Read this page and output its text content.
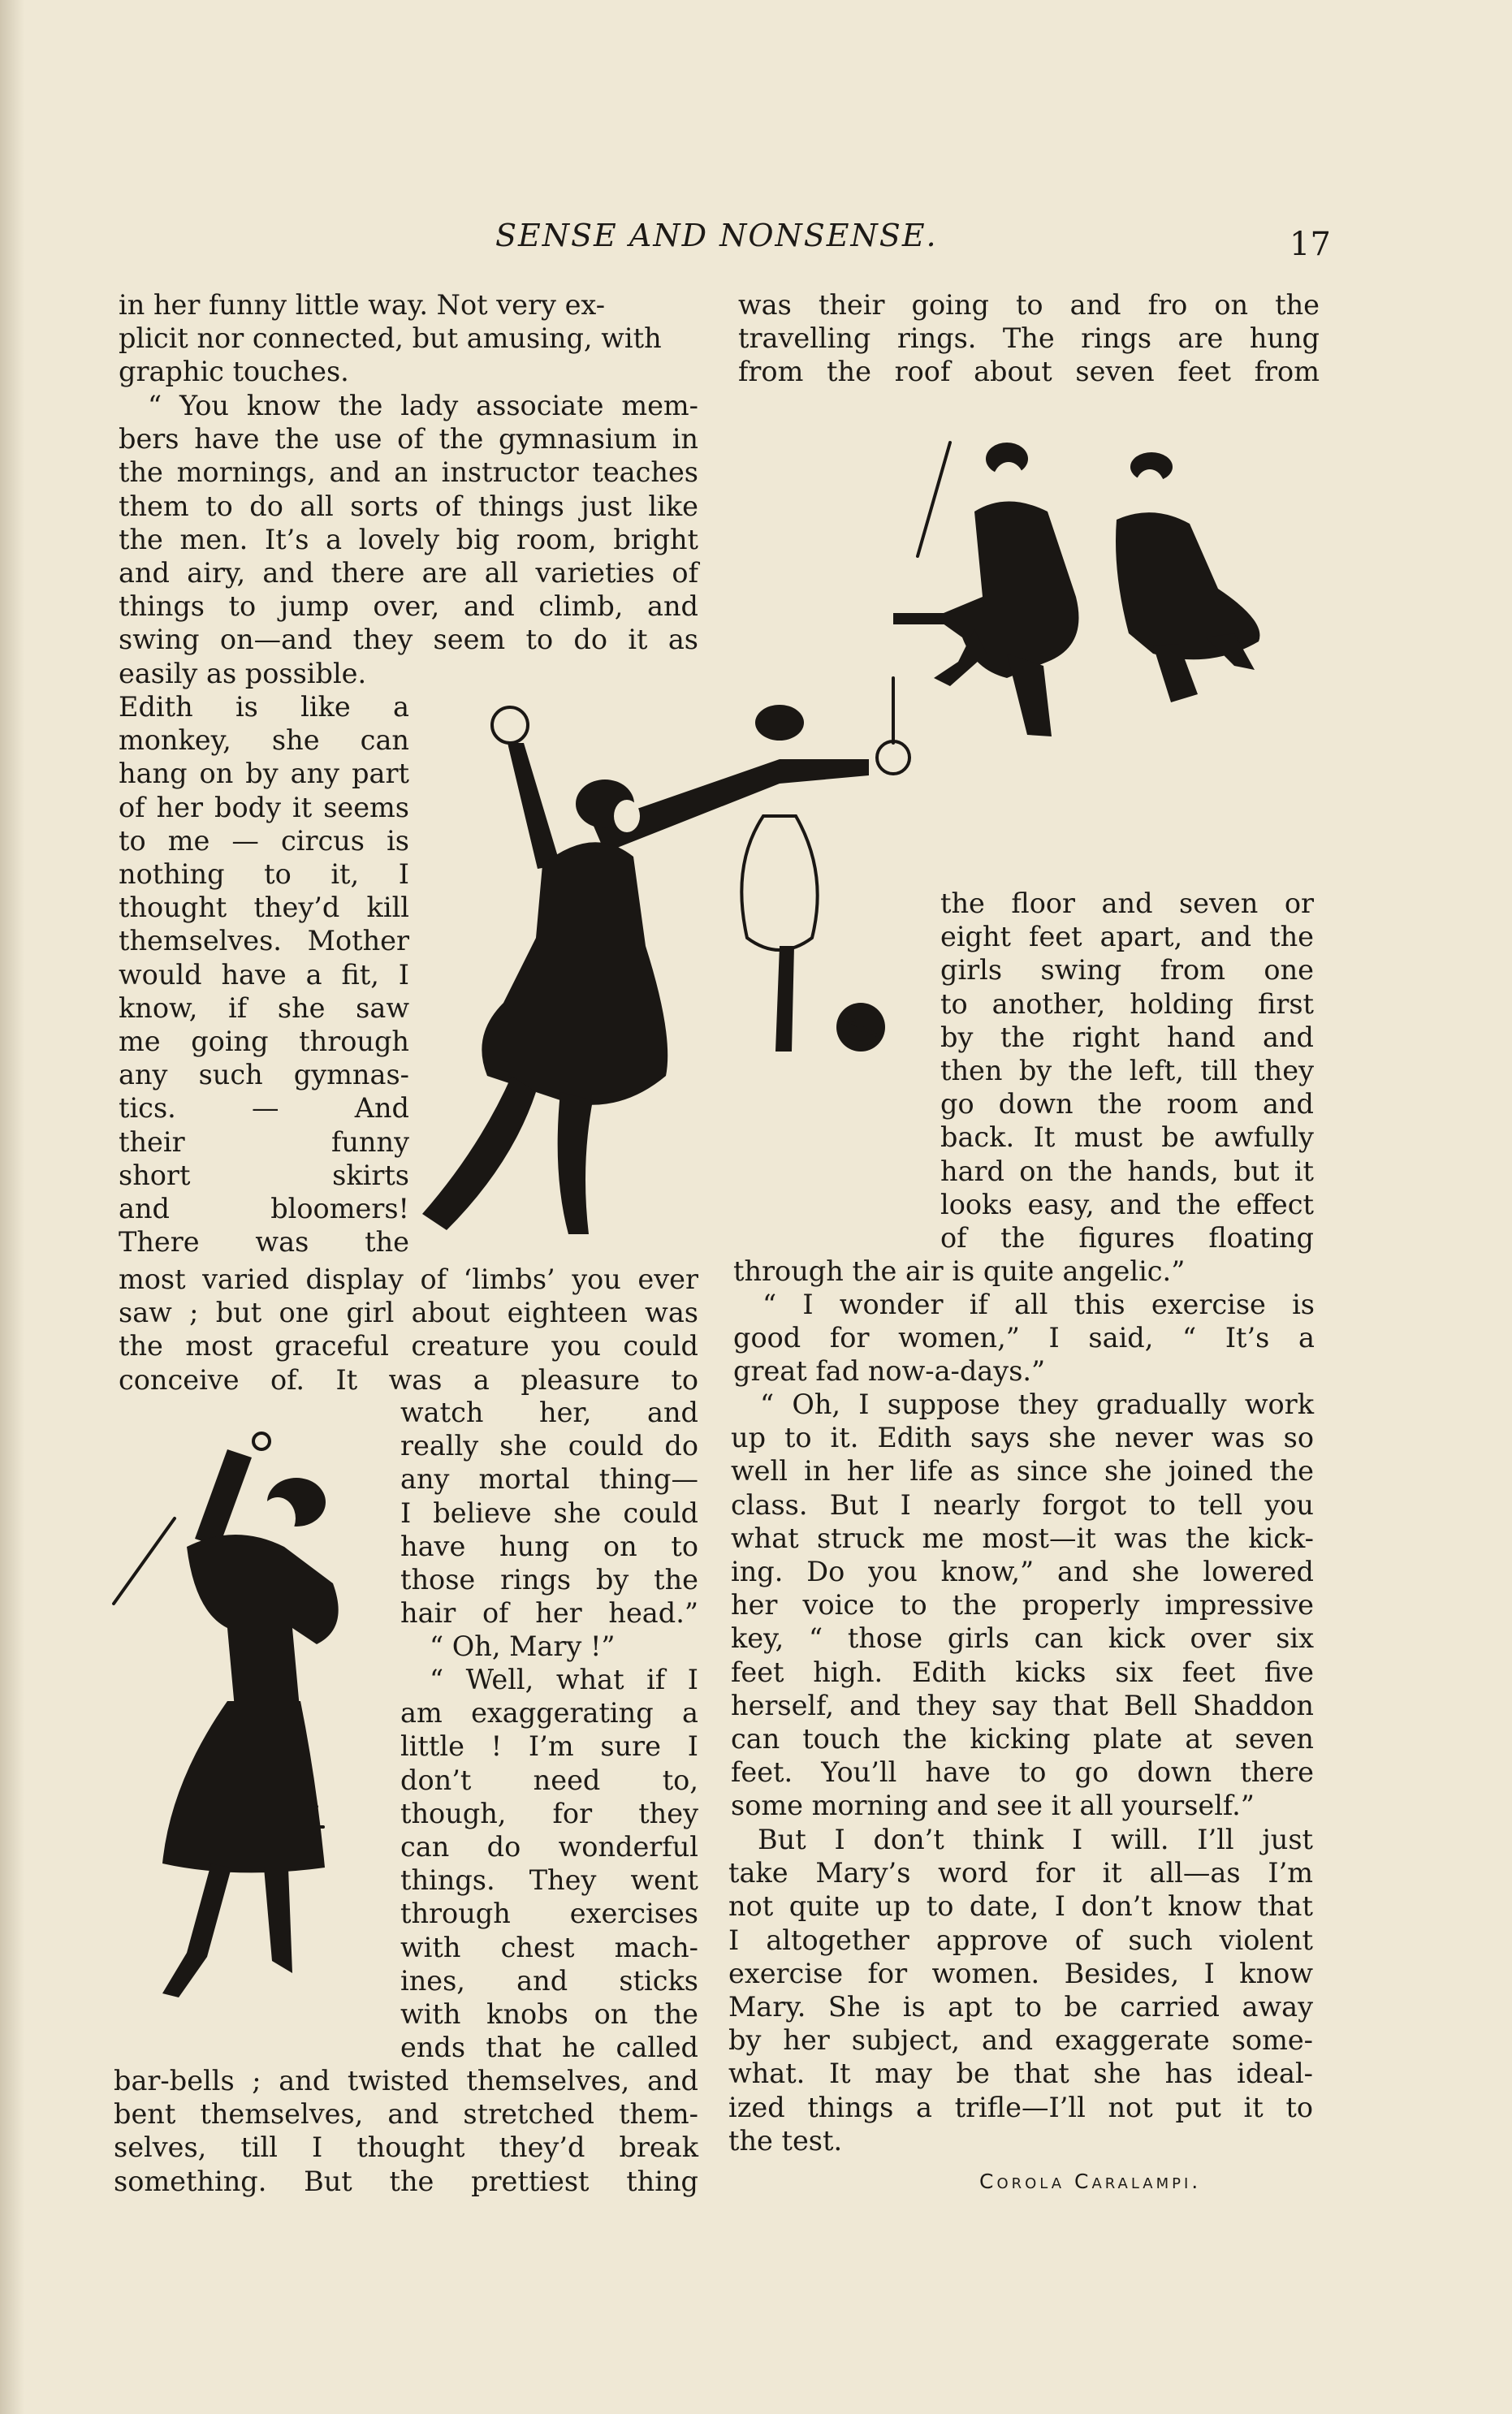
SENSE AND NONSENSE.	17

in her funny little way. Not very ex-
plicit nor connected, but amusing, with
graphic touches.

“ You know the lady associate mem-
bers have the use of the gymnasium in
the mornings, and an instructor teaches
them to do all sorts of things just like
the men. It’s a lovely big room, bright
and airy, and there are all varieties of
things to jump over, and climb, and
swing on—and they seem to do it as
easily as possible.

Edith is like a
monkey, she can
hang on by any part
of her body it seems
to me — circus is
nothing to it, I
thought they’d kill
themselves. Mother
would have a fit, I
know, if she saw
me going through
any such gymnas-
tics. — And
their funny
short skirts
and bloomers!
There was the

most varied display of ‘limbs’ you ever
saw ; but one girl about eighteen was
the most graceful creature you could
conceive of. It was a pleasure to

watch her, and
really she could do
any mortal thing—
I believe she could
have hung on to
those rings by the
hair of her head.”

“ Oh, Mary !”

“ Well, what if I
am exaggerating a
little ! I’m sure I
don’t need to,
though, for they
can do wonderful
things. They went
through exercises
with chest mach-
ines, and sticks
with knobs on the
ends that he called

bar-bells ; and twisted themselves, and
bent themselves, and stretched them-
selves, till I thought they’d break
something. But the prettiest thing

was their going to and fro on the
travelling rings. The rings are hung
from the roof about seven feet from

the floor and seven or
eight feet apart, and the
girls swing from one
to another, holding first
by the right hand and
then by the left, till they
go down the room and
back. It must be awfully
hard on the hands, but it
looks easy, and the effect
of the figures floating

through the air is quite angelic.”

“ I wonder if all this exercise is
good for women,” I said, “ It’s a
great fad now-a-days.”

“ Oh, I suppose they gradually work
up to it. Edith says she never was so
well in her life as since she joined the
class. But I nearly forgot to tell you
what struck me most—it was the kick-
ing. Do you know,” and she lowered
her voice to the properly impressive
key, “ those girls can kick over six
feet high. Edith kicks six feet five
herself, and they say that Bell Shaddon
can touch the kicking plate at seven
feet. You’ll have to go down there
some morning and see it all yourself.”

But I don’t think I will. I’ll just
take Mary’s word for it all—as I’m
not quite up to date, I don’t know that
I altogether approve of such violent
exercise for women. Besides, I know
Mary. She is apt to be carried away
by her subject, and exaggerate some-
what. It may be that she has ideal-
ized things a trifle—I’ll not put it to
the test.

Corola Caralampi.
